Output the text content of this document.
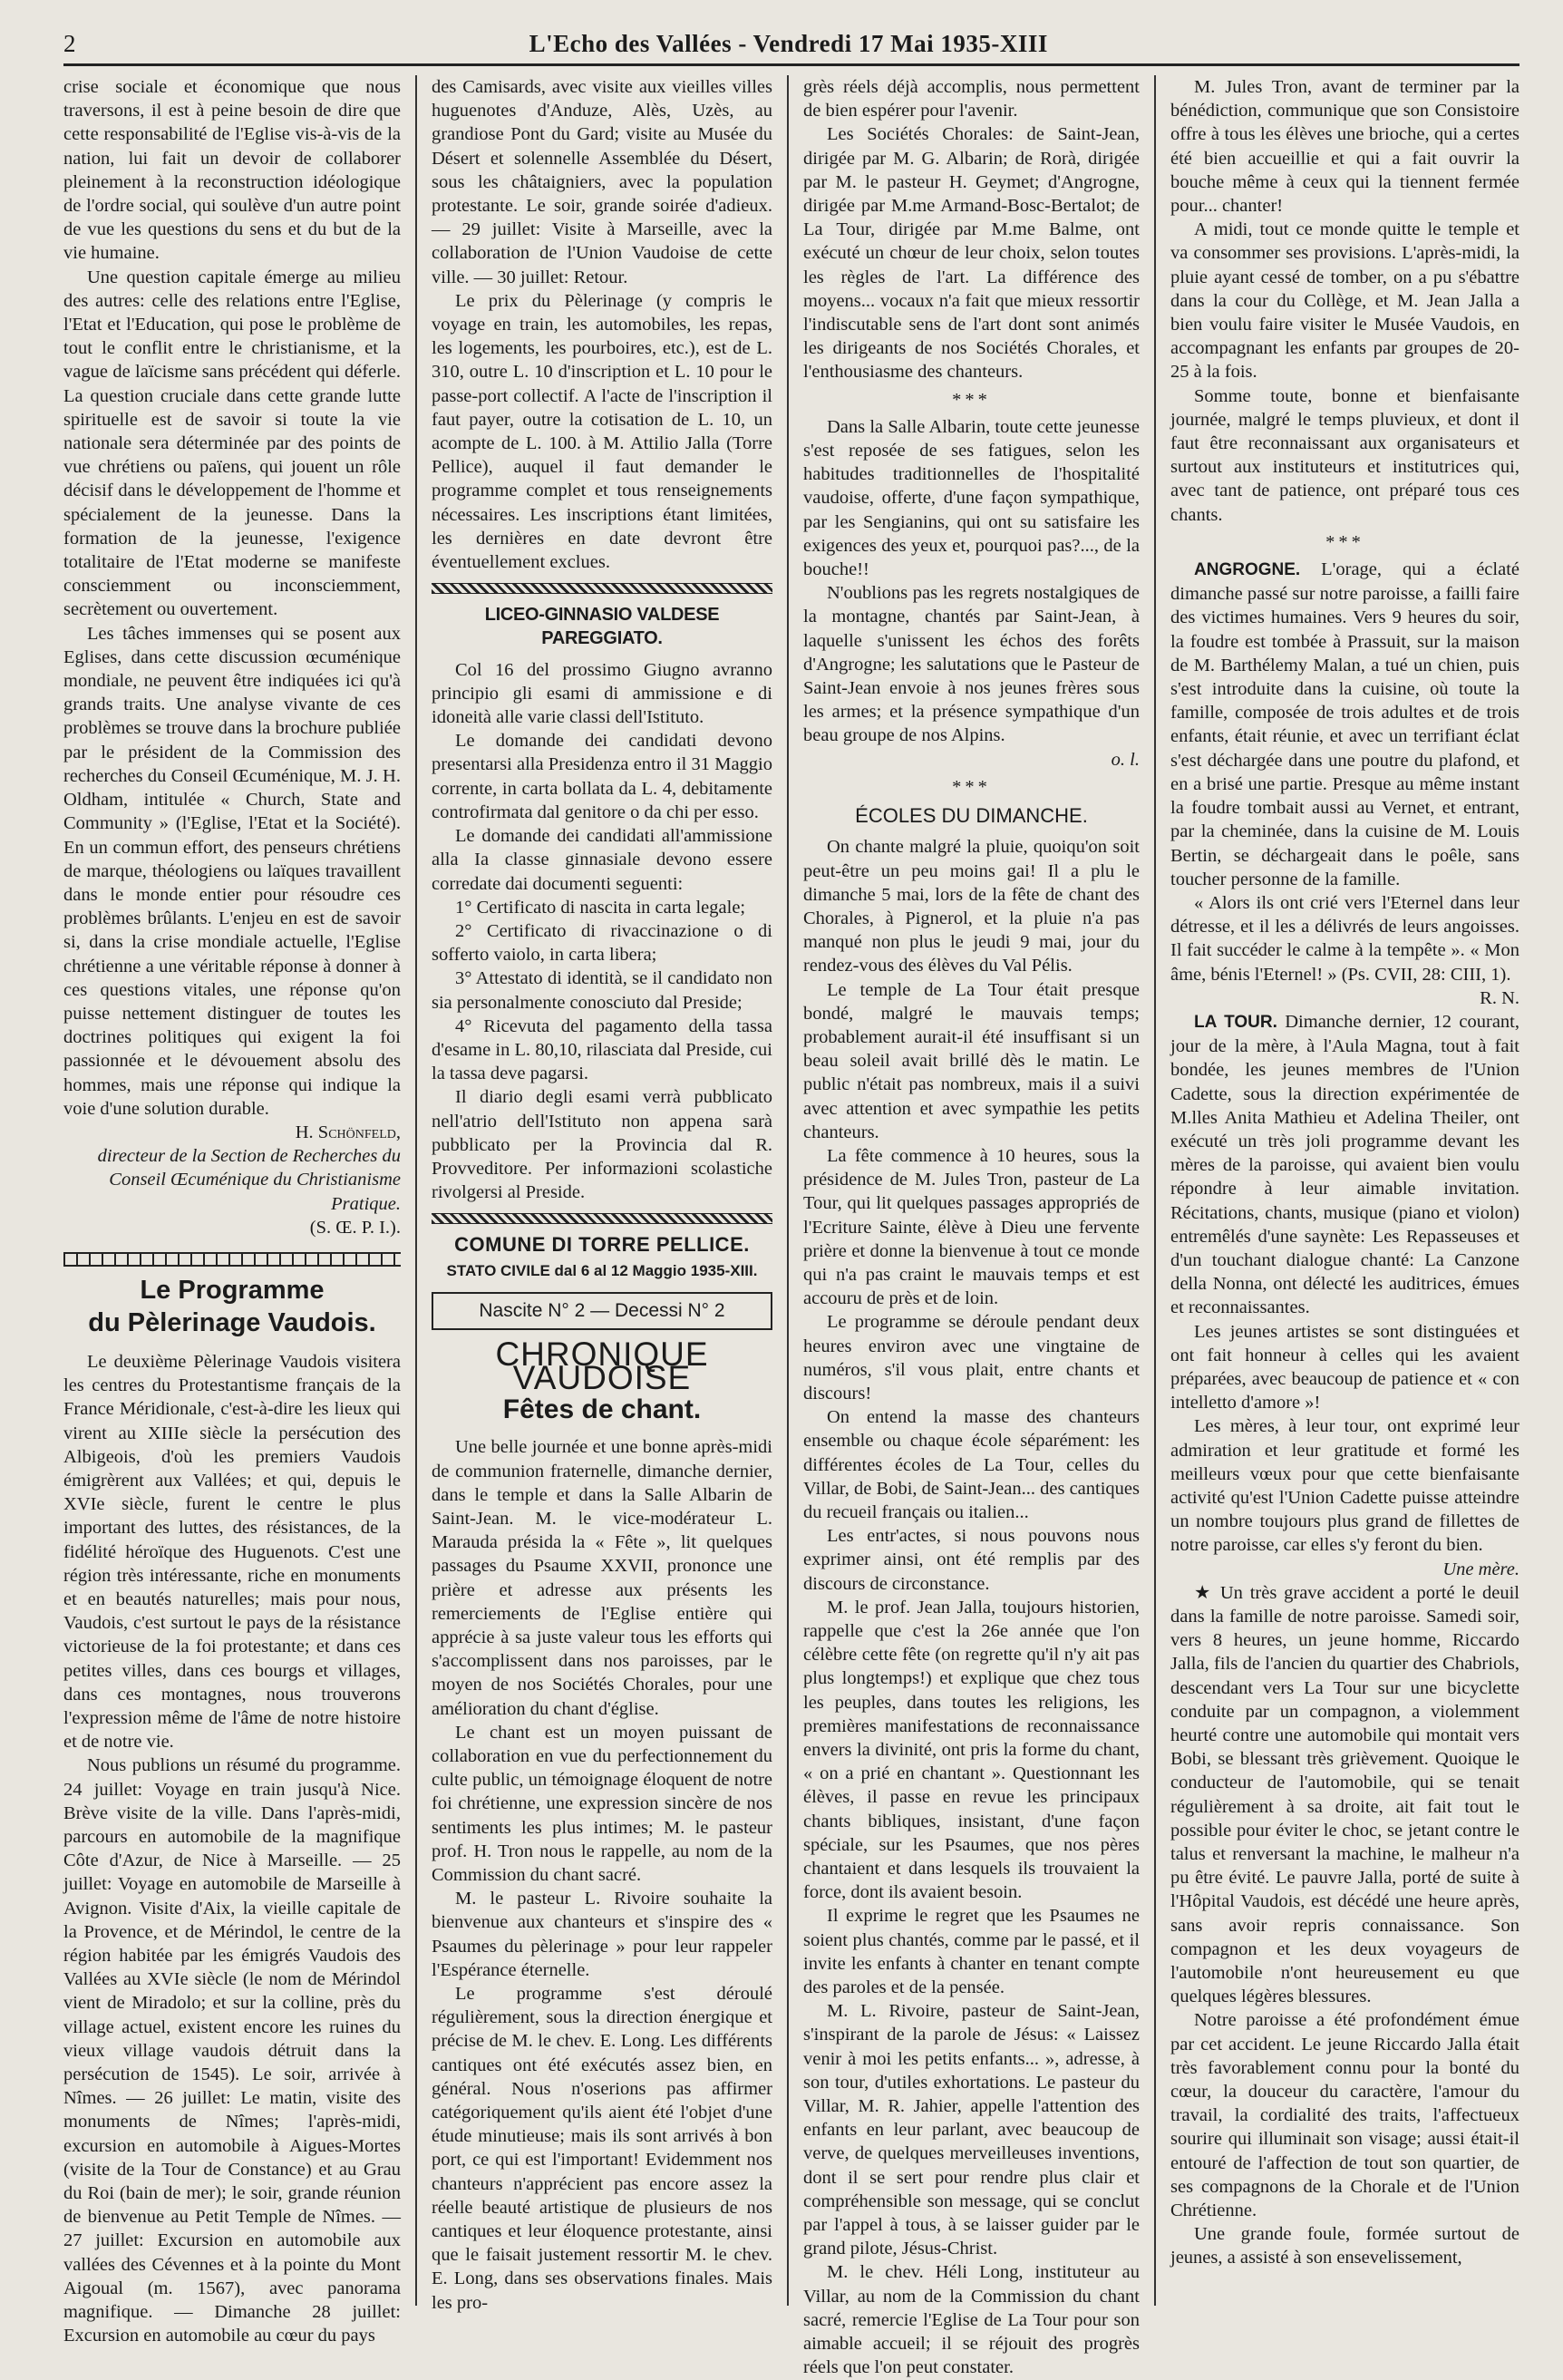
2	L'Echo des Vallées - Vendredi 17 Mai 1935-XIII

crise sociale et économique que nous traversons, il est à peine besoin de dire que cette responsabilité de l'Eglise vis-à-vis de la nation, lui fait un devoir de collaborer pleinement à la reconstruction idéologique de l'ordre social, qui soulève d'un autre point de vue les questions du sens et du but de la vie humaine.

Une question capitale émerge au milieu des autres: celle des relations entre l'Eglise, l'Etat et l'Education, qui pose le problème de tout le conflit entre le christianisme, et la vague de laïcisme sans précédent qui déferle. La question cruciale dans cette grande lutte spirituelle est de savoir si toute la vie nationale sera déterminée par des points de vue chrétiens ou païens, qui jouent un rôle décisif dans le développement de l'homme et spécialement de la jeunesse. Dans la formation de la jeunesse, l'exigence totalitaire de l'Etat moderne se manifeste consciemment ou inconsciemment, secrètement ou ouvertement.

Les tâches immenses qui se posent aux Eglises, dans cette discussion œcuménique mondiale, ne peuvent être indiquées ici qu'à grands traits. Une analyse vivante de ces problèmes se trouve dans la brochure publiée par le président de la Commission des recherches du Conseil Œcuménique, M. J. H. Oldham, intitulée « Church, State and Community » (l'Eglise, l'Etat et la Société). En un commun effort, des penseurs chrétiens de marque, théologiens ou laïques travaillent dans le monde entier pour résoudre ces problèmes brûlants. L'enjeu en est de savoir si, dans la crise mondiale actuelle, l'Eglise chrétienne a une véritable réponse à donner à ces questions vitales, une réponse qu'on puisse nettement distinguer de toutes les doctrines politiques qui exigent la foi passionnée et le dévouement absolu des hommes, mais une réponse qui indique la voie d'une solution durable.

H. Schönfeld,

directeur de la Section de Recherches du Conseil Œcuménique du Christianisme Pratique.

(S. Œ. P. I.).

Le Programme
du Pèlerinage Vaudois.

Le deuxième Pèlerinage Vaudois visitera les centres du Protestantisme français de la France Méridionale, c'est-à-dire les lieux qui virent au XIIIe siècle la persécution des Albigeois, d'où les premiers Vaudois émigrèrent aux Vallées; et qui, depuis le XVIe siècle, furent le centre le plus important des luttes, des résistances, de la fidélité héroïque des Huguenots. C'est une région très intéressante, riche en monuments et en beautés naturelles; mais pour nous, Vaudois, c'est surtout le pays de la résistance victorieuse de la foi protestante; et dans ces petites villes, dans ces bourgs et villages, dans ces montagnes, nous trouverons l'expression même de l'âme de notre histoire et de notre vie.

Nous publions un résumé du programme. 24 juillet: Voyage en train jusqu'à Nice. Brève visite de la ville. Dans l'après-midi, parcours en automobile de la magnifique Côte d'Azur, de Nice à Marseille. — 25 juillet: Voyage en automobile de Marseille à Avignon. Visite d'Aix, la vieille capitale de la Provence, et de Mérindol, le centre de la région habitée par les émigrés Vaudois des Vallées au XVIe siècle (le nom de Mérindol vient de Miradolo; et sur la colline, près du village actuel, existent encore les ruines du vieux village vaudois détruit dans la persécution de 1545). Le soir, arrivée à Nîmes. — 26 juillet: Le matin, visite des monuments de Nîmes; l'après-midi, excursion en automobile à Aigues-Mortes (visite de la Tour de Constance) et au Grau du Roi (bain de mer); le soir, grande réunion de bienvenue au Petit Temple de Nîmes. — 27 juillet: Excursion en automobile aux vallées des Cévennes et à la pointe du Mont Aigoual (m. 1567), avec panorama magnifique. — Dimanche 28 juillet: Excursion en automobile au cœur du pays

des Camisards, avec visite aux vieilles villes huguenotes d'Anduze, Alès, Uzès, au grandiose Pont du Gard; visite au Musée du Désert et solennelle Assemblée du Désert, sous les châtaigniers, avec la population protestante. Le soir, grande soirée d'adieux. — 29 juillet: Visite à Marseille, avec la collaboration de l'Union Vaudoise de cette ville. — 30 juillet: Retour.

Le prix du Pèlerinage (y compris le voyage en train, les automobiles, les repas, les logements, les pourboires, etc.), est de L. 310, outre L. 10 d'inscription et L. 10 pour le passe-port collectif. A l'acte de l'inscription il faut payer, outre la cotisation de L. 10, un acompte de L. 100. à M. Attilio Jalla (Torre Pellice), auquel il faut demander le programme complet et tous renseignements nécessaires. Les inscriptions étant limitées, les dernières en date devront être éventuellement exclues.

LICEO-GINNASIO VALDESE PAREGGIATO.

Col 16 del prossimo Giugno avranno principio gli esami di ammissione e di idoneità alle varie classi dell'Istituto.

Le domande dei candidati devono presentarsi alla Presidenza entro il 31 Maggio corrente, in carta bollata da L. 4, debitamente controfirmata dal genitore o da chi per esso.

Le domande dei candidati all'ammissione alla Ia classe ginnasiale devono essere corredate dai documenti seguenti:

1° Certificato di nascita in carta legale;

2° Certificato di rivaccinazione o di sofferto vaiolo, in carta libera;

3° Attestato di identità, se il candidato non sia personalmente conosciuto dal Preside;

4° Ricevuta del pagamento della tassa d'esame in L. 80,10, rilasciata dal Preside, cui la tassa deve pagarsi.

Il diario degli esami verrà pubblicato nell'atrio dell'Istituto non appena sarà pubblicato per la Provincia dal R. Provveditore. Per informazioni scolastiche rivolgersi al Preside.

COMUNE DI TORRE PELLICE.
STATO CIVILE dal 6 al 12 Maggio 1935-XIII.
Nascite N° 2 — Decessi N° 2
CHRONIQUE VAUDOISE
Fêtes de chant.

Une belle journée et une bonne après-midi de communion fraternelle, dimanche dernier, dans le temple et dans la Salle Albarin de Saint-Jean. M. le vice-modérateur L. Marauda présida la « Fête », lit quelques passages du Psaume XXVII, prononce une prière et adresse aux présents les remerciements de l'Eglise entière qui apprécie à sa juste valeur tous les efforts qui s'accomplissent dans nos paroisses, par le moyen de nos Sociétés Chorales, pour une amélioration du chant d'église.

Le chant est un moyen puissant de collaboration en vue du perfectionnement du culte public, un témoignage éloquent de notre foi chrétienne, une expression sincère de nos sentiments les plus intimes; M. le pasteur prof. H. Tron nous le rappelle, au nom de la Commission du chant sacré.

M. le pasteur L. Rivoire souhaite la bienvenue aux chanteurs et s'inspire des « Psaumes du pèlerinage » pour leur rappeler l'Espérance éternelle.

Le programme s'est déroulé régulièrement, sous la direction énergique et précise de M. le chev. E. Long. Les différents cantiques ont été exécutés assez bien, en général. Nous n'oserions pas affirmer catégoriquement qu'ils aient été l'objet d'une étude minutieuse; mais ils sont arrivés à bon port, ce qui est l'important! Evidemment nos chanteurs n'apprécient pas encore assez la réelle beauté artistique de plusieurs de nos cantiques et leur éloquence protestante, ainsi que le faisait justement ressortir M. le chev. E. Long, dans ses observations finales. Mais les pro-

grès réels déjà accomplis, nous permettent de bien espérer pour l'avenir.

Les Sociétés Chorales: de Saint-Jean, dirigée par M. G. Albarin; de Rorà, dirigée par M. le pasteur H. Geymet; d'Angrogne, dirigée par M.me Armand-Bosc-Bertalot; de La Tour, dirigée par M.me Balme, ont exécuté un chœur de leur choix, selon toutes les règles de l'art. La différence des moyens... vocaux n'a fait que mieux ressortir l'indiscutable sens de l'art dont sont animés les dirigeants de nos Sociétés Chorales, et l'enthousiasme des chanteurs.

***

Dans la Salle Albarin, toute cette jeunesse s'est reposée de ses fatigues, selon les habitudes traditionnelles de l'hospitalité vaudoise, offerte, d'une façon sympathique, par les Sengianins, qui ont su satisfaire les exigences des yeux et, pourquoi pas?..., de la bouche!!

N'oublions pas les regrets nostalgiques de la montagne, chantés par Saint-Jean, à laquelle s'unissent les échos des forêts d'Angrogne; les salutations que le Pasteur de Saint-Jean envoie à nos jeunes frères sous les armes; et la présence sympathique d'un beau groupe de nos Alpins.

o. l.

***

ÉCOLES DU DIMANCHE.

On chante malgré la pluie, quoiqu'on soit peut-être un peu moins gai! Il a plu le dimanche 5 mai, lors de la fête de chant des Chorales, à Pignerol, et la pluie n'a pas manqué non plus le jeudi 9 mai, jour du rendez-vous des élèves du Val Pélis.

Le temple de La Tour était presque bondé, malgré le mauvais temps; probablement aurait-il été insuffisant si un beau soleil avait brillé dès le matin. Le public n'était pas nombreux, mais il a suivi avec attention et avec sympathie les petits chanteurs.

La fête commence à 10 heures, sous la présidence de M. Jules Tron, pasteur de La Tour, qui lit quelques passages appropriés de l'Ecriture Sainte, élève à Dieu une fervente prière et donne la bienvenue à tout ce monde qui n'a pas craint le mauvais temps et est accouru de près et de loin.

Le programme se déroule pendant deux heures environ avec une vingtaine de numéros, s'il vous plait, entre chants et discours!

On entend la masse des chanteurs ensemble ou chaque école séparément: les différentes écoles de La Tour, celles du Villar, de Bobi, de Saint-Jean... des cantiques du recueil français ou italien...

Les entr'actes, si nous pouvons nous exprimer ainsi, ont été remplis par des discours de circonstance.

M. le prof. Jean Jalla, toujours historien, rappelle que c'est la 26e année que l'on célèbre cette fête (on regrette qu'il n'y ait pas plus longtemps!) et explique que chez tous les peuples, dans toutes les religions, les premières manifestations de reconnaissance envers la divinité, ont pris la forme du chant, « on a prié en chantant ». Questionnant les élèves, il passe en revue les principaux chants bibliques, insistant, d'une façon spéciale, sur les Psaumes, que nos pères chantaient et dans lesquels ils trouvaient la force, dont ils avaient besoin.

Il exprime le regret que les Psaumes ne soient plus chantés, comme par le passé, et il invite les enfants à chanter en tenant compte des paroles et de la pensée.

M. L. Rivoire, pasteur de Saint-Jean, s'inspirant de la parole de Jésus: « Laissez venir à moi les petits enfants... », adresse, à son tour, d'utiles exhortations. Le pasteur du Villar, M. R. Jahier, appelle l'attention des enfants en leur parlant, avec beaucoup de verve, de quelques merveilleuses inventions, dont il se sert pour rendre plus clair et compréhensible son message, qui se conclut par l'appel à tous, à se laisser guider par le grand pilote, Jésus-Christ.

M. le chev. Héli Long, instituteur au Villar, au nom de la Commission du chant sacré, remercie l'Eglise de La Tour pour son aimable accueil; il se réjouit des progrès réels que l'on peut constater.

M. Jules Tron, avant de terminer par la bénédiction, communique que son Consistoire offre à tous les élèves une brioche, qui a certes été bien accueillie et qui a fait ouvrir la bouche même à ceux qui la tiennent fermée pour... chanter!

A midi, tout ce monde quitte le temple et va consommer ses provisions. L'après-midi, la pluie ayant cessé de tomber, on a pu s'ébattre dans la cour du Collège, et M. Jean Jalla a bien voulu faire visiter le Musée Vaudois, en accompagnant les enfants par groupes de 20-25 à la fois.

Somme toute, bonne et bienfaisante journée, malgré le temps pluvieux, et dont il faut être reconnaissant aux organisateurs et surtout aux instituteurs et institutrices qui, avec tant de patience, ont préparé tous ces chants.

***

ANGROGNE. L'orage, qui a éclaté dimanche passé sur notre paroisse, a failli faire des victimes humaines. Vers 9 heures du soir, la foudre est tombée à Prassuit, sur la maison de M. Barthélemy Malan, a tué un chien, puis s'est introduite dans la cuisine, où toute la famille, composée de trois adultes et de trois enfants, était réunie, et avec un terrifiant éclat s'est déchargée dans une poutre du plafond, et en a brisé une partie. Presque au même instant la foudre tombait aussi au Vernet, et entrant, par la cheminée, dans la cuisine de M. Louis Bertin, se déchargeait dans le poêle, sans toucher personne de la famille.

« Alors ils ont crié vers l'Eternel dans leur détresse, et il les a délivrés de leurs angoisses. Il fait succéder le calme à la tempête ». « Mon âme, bénis l'Eternel! » (Ps. CVII, 28: CIII, 1).

R. N.

LA TOUR. Dimanche dernier, 12 courant, jour de la mère, à l'Aula Magna, tout à fait bondée, les jeunes membres de l'Union Cadette, sous la direction expérimentée de M.lles Anita Mathieu et Adelina Theiler, ont exécuté un très joli programme devant les mères de la paroisse, qui avaient bien voulu répondre à leur aimable invitation. Récitations, chants, musique (piano et violon) entremêlés d'une saynète: Les Repasseuses et d'un touchant dialogue chanté: La Canzone della Nonna, ont délecté les auditrices, émues et reconnaissantes.

Les jeunes artistes se sont distinguées et ont fait honneur à celles qui les avaient préparées, avec beaucoup de patience et « con intelletto d'amore »!

Les mères, à leur tour, ont exprimé leur admiration et leur gratitude et formé les meilleurs vœux pour que cette bienfaisante activité qu'est l'Union Cadette puisse atteindre un nombre toujours plus grand de fillettes de notre paroisse, car elles s'y feront du bien.

Une mère.

★ Un très grave accident a porté le deuil dans la famille de notre paroisse. Samedi soir, vers 8 heures, un jeune homme, Riccardo Jalla, fils de l'ancien du quartier des Chabriols, descendant vers La Tour sur une bicyclette conduite par un compagnon, a violemment heurté contre une automobile qui montait vers Bobi, se blessant très grièvement. Quoique le conducteur de l'automobile, qui se tenait régulièrement à sa droite, ait fait tout le possible pour éviter le choc, se jetant contre le talus et renversant la machine, le malheur n'a pu être évité. Le pauvre Jalla, porté de suite à l'Hôpital Vaudois, est décédé une heure après, sans avoir repris connaissance. Son compagnon et les deux voyageurs de l'automobile n'ont heureusement eu que quelques légères blessures.

Notre paroisse a été profondément émue par cet accident. Le jeune Riccardo Jalla était très favorablement connu pour la bonté du cœur, la douceur du caractère, l'amour du travail, la cordialité des traits, l'affectueux sourire qui illuminait son visage; aussi était-il entouré de l'affection de tout son quartier, de ses compagnons de la Chorale et de l'Union Chrétienne.

Une grande foule, formée surtout de jeunes, a assisté à son ensevelissement,
